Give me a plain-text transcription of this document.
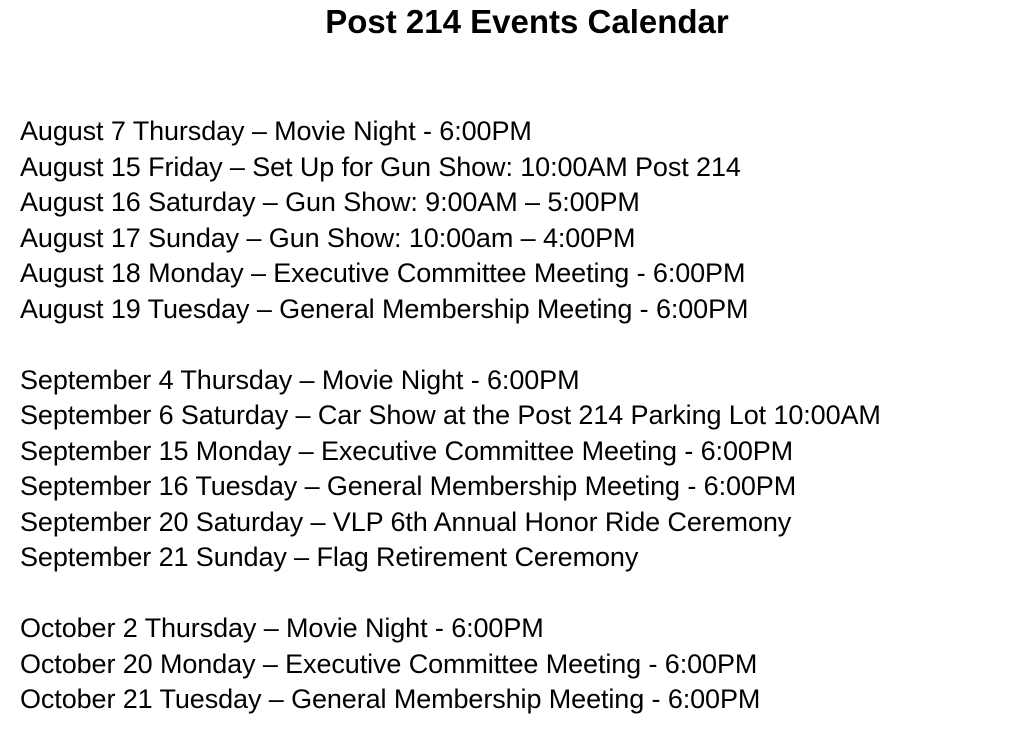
Post 214 Events Calendar
August 7 Thursday – Movie Night - 6:00PM
August 15 Friday – Set Up for Gun Show: 10:00AM Post 214
August 16 Saturday – Gun Show: 9:00AM – 5:00PM
August 17 Sunday – Gun Show: 10:00am – 4:00PM
August 18 Monday – Executive Committee Meeting - 6:00PM
August 19 Tuesday – General Membership Meeting - 6:00PM
September 4 Thursday – Movie Night - 6:00PM
September 6 Saturday – Car Show at the Post 214 Parking Lot 10:00AM
September 15 Monday – Executive Committee Meeting - 6:00PM
September 16 Tuesday – General Membership Meeting - 6:00PM
September 20 Saturday – VLP 6th Annual Honor Ride Ceremony
September 21 Sunday – Flag Retirement Ceremony
October 2 Thursday – Movie Night - 6:00PM
October 20 Monday – Executive Committee Meeting - 6:00PM
October 21 Tuesday – General Membership Meeting - 6:00PM
